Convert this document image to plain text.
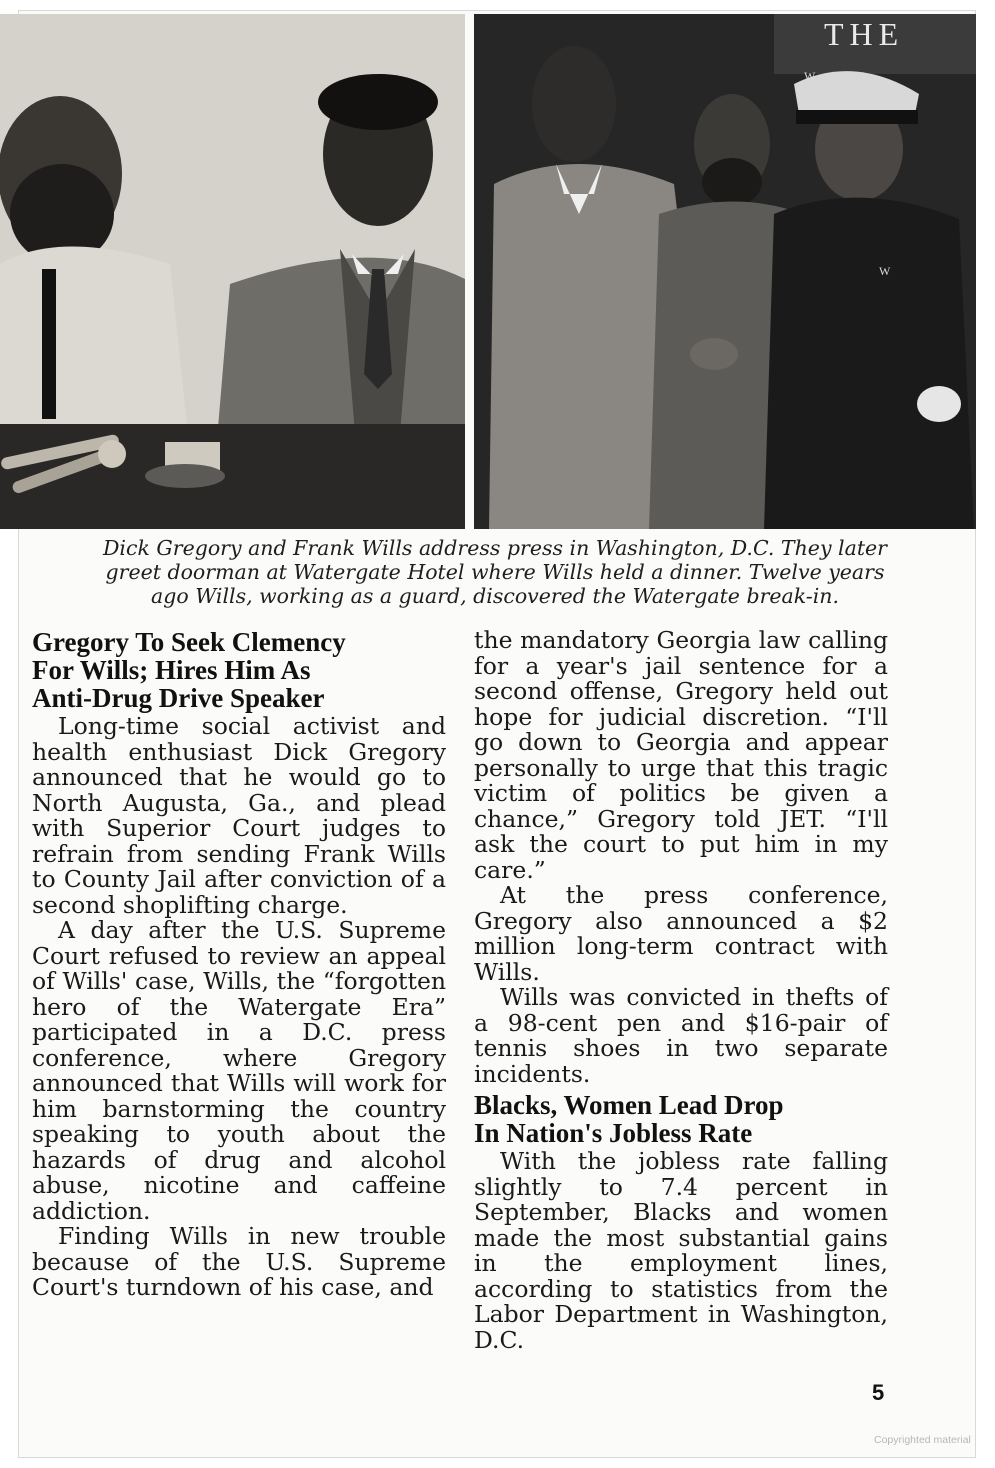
THE
W
W
Dick Gregory and Frank Wills address press in Washington, D.C. They later
greet doorman at Watergate Hotel where Wills held a dinner. Twelve years
ago Wills, working as a guard, discovered the Watergate break-in.
Gregory To Seek Clemency
For Wills; Hires Him As
Anti-Drug Drive Speaker

Long-time social activist and health enthusiast Dick Gregory announced that he would go to North Augusta, Ga., and plead with Superior Court judges to refrain from sending Frank Wills to County Jail after conviction of a second shoplifting charge.

A day after the U.S. Supreme Court refused to review an appeal of Wills' case, Wills, the “forgotten hero of the Watergate Era” participated in a D.C. press conference, where Gregory announced that Wills will work for him barnstorming the country speaking to youth about the hazards of drug and alcohol abuse, nicotine and caffeine addiction.

Finding Wills in new trouble because of the U.S. Supreme Court's turndown of his case, and

the mandatory Georgia law calling for a year's jail sentence for a second offense, Gregory held out hope for judicial discretion. “I'll go down to Georgia and appear personally to urge that this tragic victim of politics be given a chance,” Gregory told JET. “I'll ask the court to put him in my care.”

At the press conference, Gregory also announced a $2 million long-term contract with Wills.

Wills was convicted in thefts of a 98-cent pen and $16-pair of tennis shoes in two separate incidents.

Blacks, Women Lead Drop
In Nation's Jobless Rate

With the jobless rate falling slightly to 7.4 percent in September, Blacks and women made the most substantial gains in the employment lines, according to statistics from the Labor Department in Washington, D.C.

5
Copyrighted material
